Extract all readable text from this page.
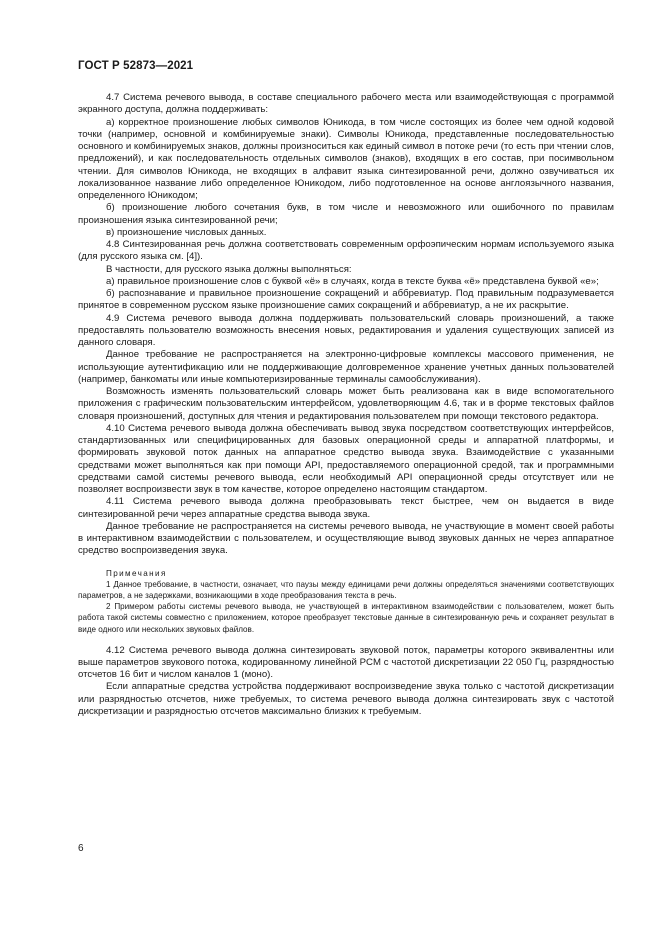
ГОСТ Р 52873—2021

4.7 Система речевого вывода, в составе специального рабочего места или взаимодействующая с программой экранного доступа, должна поддерживать:

а) корректное произношение любых символов Юникода, в том числе состоящих из более чем одной кодовой точки (например, основной и комбинируемые знаки). Символы Юникода, представленные последовательностью основного и комбинируемых знаков, должны произноситься как единый символ в потоке речи (то есть при чтении слов, предложений), и как последовательность отдельных символов (знаков), входящих в его состав, при посимвольном чтении. Для символов Юникода, не входящих в алфавит языка синтезированной речи, должно озвучиваться их локализованное название либо определенное Юникодом, либо подготовленное на основе англоязычного названия, определенного Юникодом;

б) произношение любого сочетания букв, в том числе и невозможного или ошибочного по правилам произношения языка синтезированной речи;

в) произношение числовых данных.

4.8 Синтезированная речь должна соответствовать современным орфоэпическим нормам используемого языка (для русского языка см. [4]).

В частности, для русского языка должны выполняться:

а) правильное произношение слов с буквой «ё» в случаях, когда в тексте буква «ё» представлена буквой «е»;

б) распознавание и правильное произношение сокращений и аббревиатур. Под правильным подразумевается принятое в современном русском языке произношение самих сокращений и аббревиатур, а не их раскрытие.

4.9 Система речевого вывода должна поддерживать пользовательский словарь произношений, а также предоставлять пользователю возможность внесения новых, редактирования и удаления существующих записей из данного словаря.

Данное требование не распространяется на электронно-цифровые комплексы массового применения, не использующие аутентификацию или не поддерживающие долговременное хранение учетных данных пользователей (например, банкоматы или иные компьютеризированные терминалы самообслуживания).

Возможность изменять пользовательский словарь может быть реализована как в виде вспомогательного приложения с графическим пользовательским интерфейсом, удовлетворяющим 4.6, так и в форме текстовых файлов словаря произношений, доступных для чтения и редактирования пользователем при помощи текстового редактора.

4.10 Система речевого вывода должна обеспечивать вывод звука посредством соответствующих интерфейсов, стандартизованных или специфицированных для базовых операционной среды и аппаратной платформы, и формировать звуковой поток данных на аппаратное средство вывода звука. Взаимодействие с указанными средствами может выполняться как при помощи API, предоставляемого операционной средой, так и программными средствами самой системы речевого вывода, если необходимый API операционной среды отсутствует или не позволяет воспроизвести звук в том качестве, которое определено настоящим стандартом.

4.11 Система речевого вывода должна преобразовывать текст быстрее, чем он выдается в виде синтезированной речи через аппаратные средства вывода звука.

Данное требование не распространяется на системы речевого вывода, не участвующие в момент своей работы в интерактивном взаимодействии с пользователем, и осуществляющие вывод звуковых данных не через аппаратное средство воспроизведения звука.

Примечания

1 Данное требование, в частности, означает, что паузы между единицами речи должны определяться значениями соответствующих параметров, а не задержками, возникающими в ходе преобразования текста в речь.

2 Примером работы системы речевого вывода, не участвующей в интерактивном взаимодействии с пользователем, может быть работа такой системы совместно с приложением, которое преобразует текстовые данные в синтезированную речь и сохраняет результат в виде одного или нескольких звуковых файлов.

4.12 Система речевого вывода должна синтезировать звуковой поток, параметры которого эквивалентны или выше параметров звукового потока, кодированному линейной PCM с частотой дискретизации 22 050 Гц, разрядностью отсчетов 16 бит и числом каналов 1 (моно).

Если аппаратные средства устройства поддерживают воспроизведение звука только с частотой дискретизации или разрядностью отсчетов, ниже требуемых, то система речевого вывода должна синтезировать звук с частотой дискретизации и разрядностью отсчетов максимально близких к требуемым.

6
